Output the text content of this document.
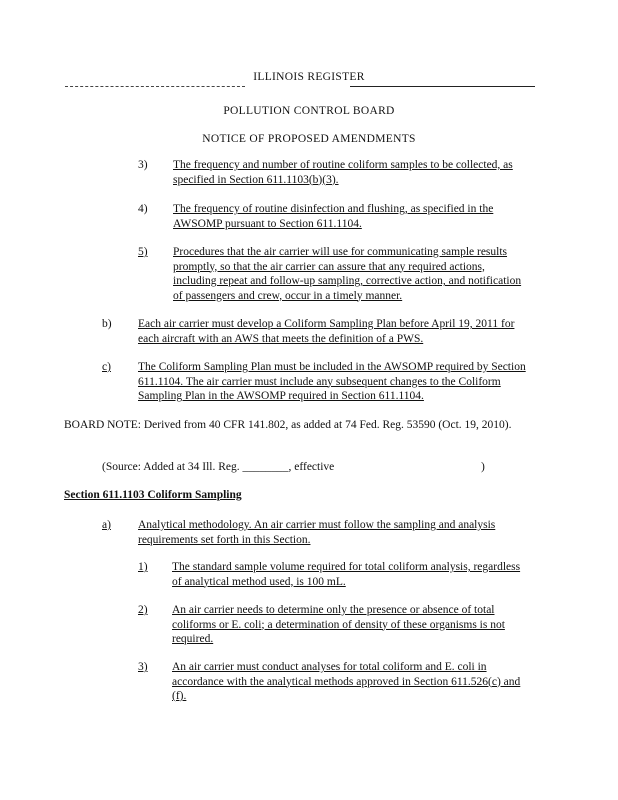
ILLINOIS REGISTER
POLLUTION CONTROL BOARD
NOTICE OF PROPOSED AMENDMENTS
3) The frequency and number of routine coliform samples to be collected, as specified in Section 611.1103(b)(3).
4) The frequency of routine disinfection and flushing, as specified in the AWSOMP pursuant to Section 611.1104.
5)	Procedures that the air carrier will use for communicating sample results promptly, so that the air carrier can assure that any required actions, including repeat and follow-up sampling, corrective action, and notification of passengers and crew, occur in a timely manner.
b) Each air carrier must develop a Coliform Sampling Plan before April 19, 2011 for each aircraft with an AWS that meets the definition of a PWS.
c)	The Coliform Sampling Plan must be included in the AWSOMP required by Section 611.1104. The air carrier must include any subsequent changes to the Coliform Sampling Plan in the AWSOMP required in Section 611.1104.
BOARD NOTE: Derived from 40 CFR 141.802, as added at 74 Fed. Reg. 53590 (Oct. 19, 2010).
(Source: Added at 34 Ill. Reg. ________, effective	)
Section 611.1103 Coliform Sampling
a)	Analytical methodology. An air carrier must follow the sampling and analysis requirements set forth in this Section.
1)	The standard sample volume required for total coliform analysis, regardless of analytical method used, is 100 mL.
2)	An air carrier needs to determine only the presence or absence of total coliforms or E. coli; a determination of density of these organisms is not required.
3)	An air carrier must conduct analyses for total coliform and E. coli in accordance with the analytical methods approved in Section 611.526(c) and (f).
